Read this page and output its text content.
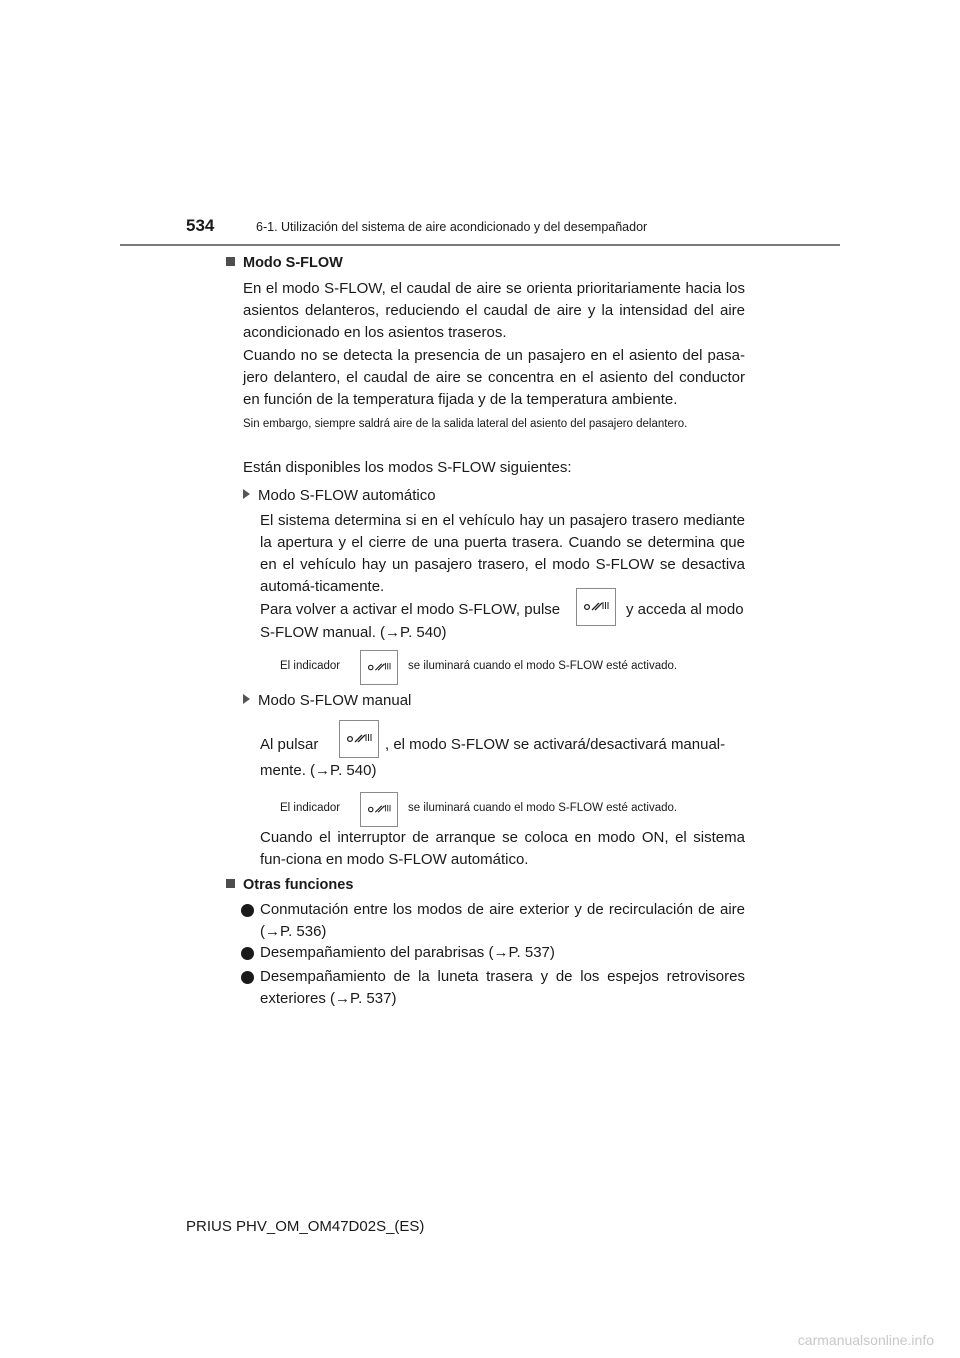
534	6-1. Utilización del sistema de aire acondicionado y del desempañador
Modo S-FLOW
En el modo S-FLOW, el caudal de aire se orienta prioritariamente hacia los asientos delanteros, reduciendo el caudal de aire y la intensidad del aire acondicionado en los asientos traseros.
Cuando no se detecta la presencia de un pasajero en el asiento del pasa-jero delantero, el caudal de aire se concentra en el asiento del conductor en función de la temperatura fijada y de la temperatura ambiente.
Sin embargo, siempre saldrá aire de la salida lateral del asiento del pasajero delantero.
Están disponibles los modos S-FLOW siguientes:
Modo S-FLOW automático
El sistema determina si en el vehículo hay un pasajero trasero mediante la apertura y el cierre de una puerta trasera. Cuando se determina que en el vehículo hay un pasajero trasero, el modo S-FLOW se desactiva automá-ticamente.
Para volver a activar el modo S-FLOW, pulse	y acceda al modo
S-FLOW manual. (→P. 540)
El indicador	se iluminará cuando el modo S-FLOW esté activado.
Modo S-FLOW manual
Al pulsar	, el modo S-FLOW se activará/desactivará manual-
mente. (→P. 540)
El indicador	se iluminará cuando el modo S-FLOW esté activado.
Cuando el interruptor de arranque se coloca en modo ON, el sistema fun-ciona en modo S-FLOW automático.
Otras funciones
Conmutación entre los modos de aire exterior y de recirculación de aire (→P. 536)
Desempañamiento del parabrisas (→P. 537)
Desempañamiento de la luneta trasera y de los espejos retrovisores exteriores (→P. 537)
PRIUS PHV_OM_OM47D02S_(ES)
carmanualsonline.info
